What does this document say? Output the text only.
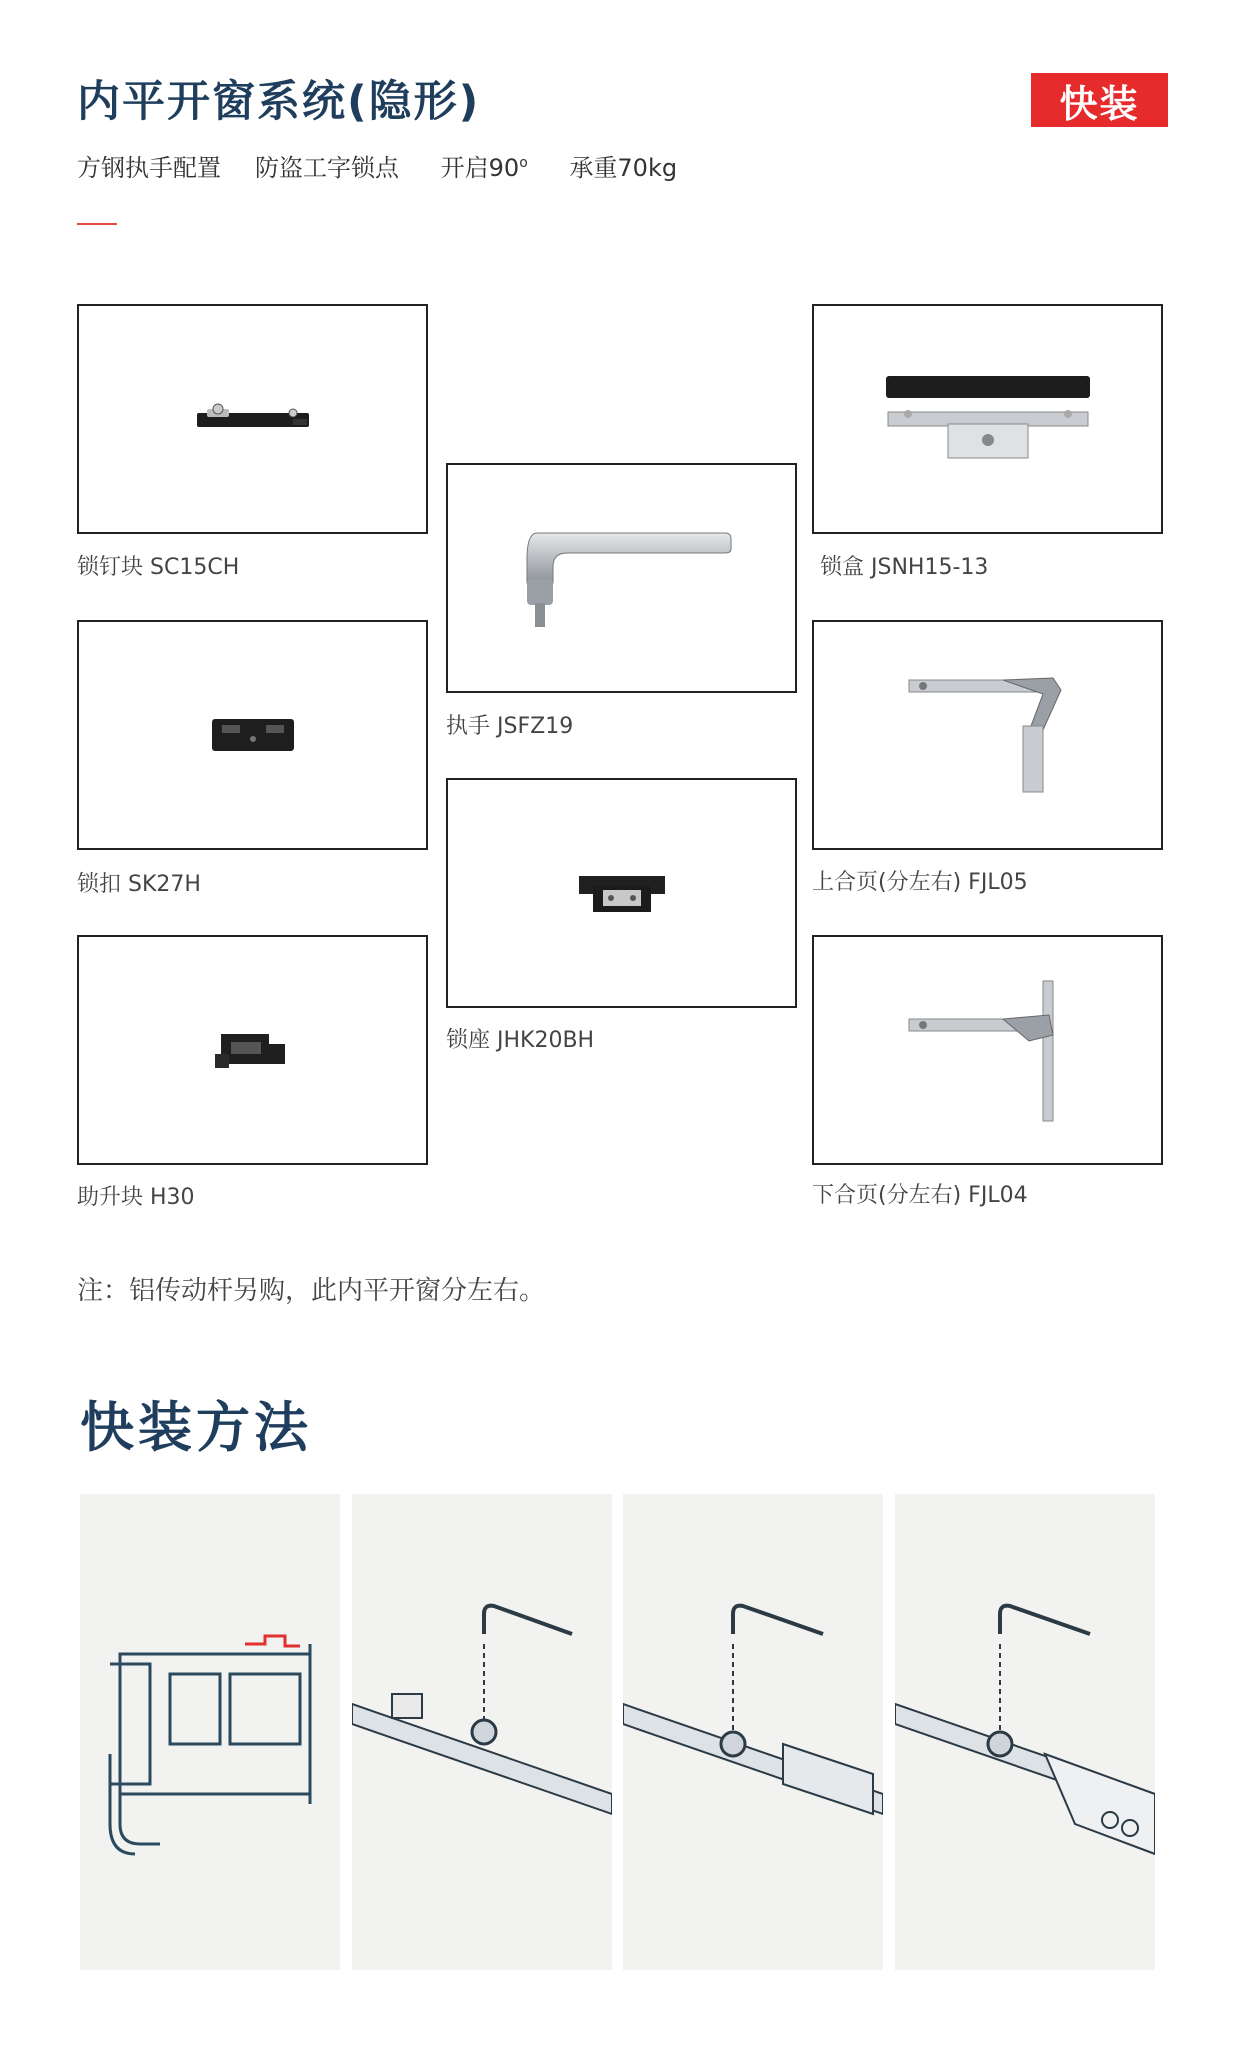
内平开窗系统(隐形)	快装
方钢执手配置 防盗工字锁点 开启90$^o$ 承重70kg
锁钉块 SC15CH
锁扣 SK27H
助升块 H30
执手 JSFZ19
锁座 JHK20BH
锁盒 JSNH15-13
上合页(分左右) FJL05
下合页(分左右) FJL04
注：铝传动杆另购，此内平开窗分左右。
快装方法
